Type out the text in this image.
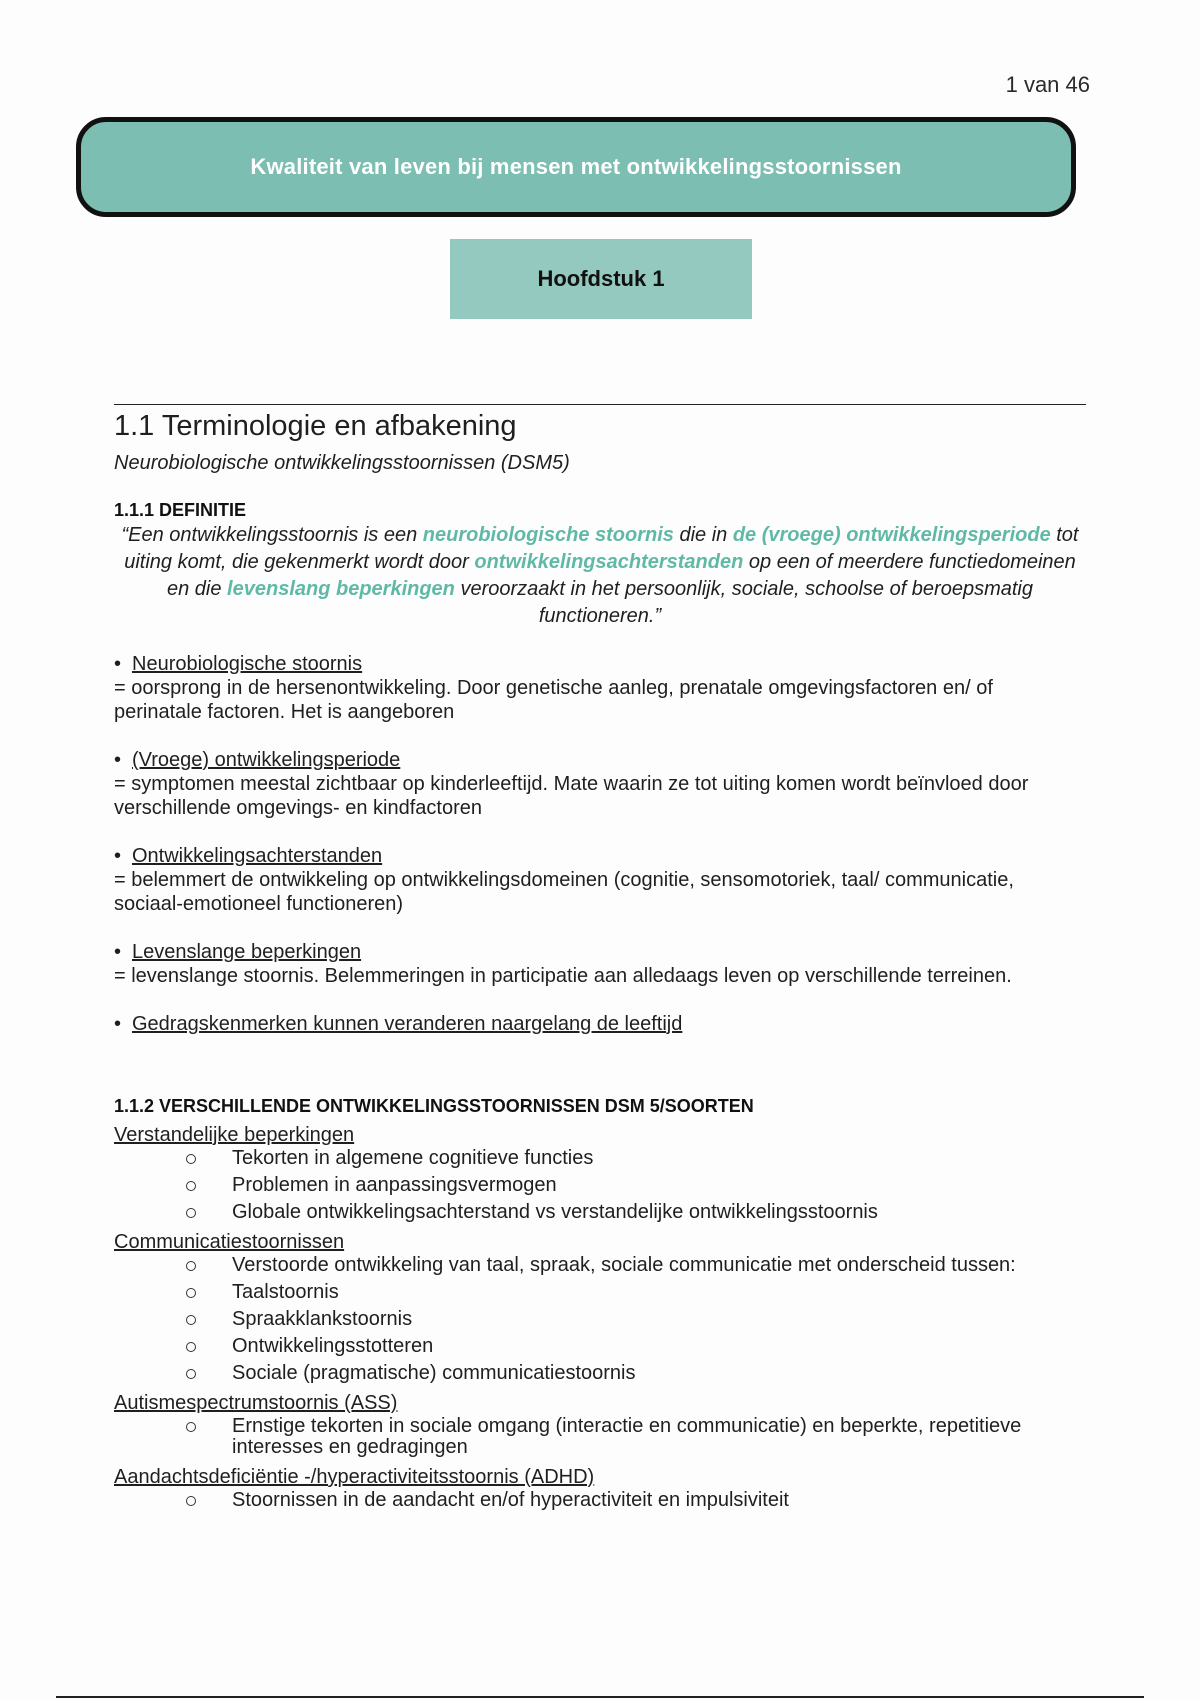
1 van 46
Kwaliteit van leven bij mensen met ontwikkelingsstoornissen
Hoofdstuk 1
1.1 Terminologie en afbakening

Neurobiologische ontwikkelingsstoornissen (DSM5)

1.1.1 DEFINITIE

“Een ontwikkelingsstoornis is een neurobiologische stoornis die in de (vroege) ontwikkelingsperiode tot uiting komt, die gekenmerkt wordt door ontwikkelingsachterstanden op een of meerdere functiedomeinen en die levenslang beperkingen veroorzaakt in het persoonlijk, sociale, schoolse of beroepsmatig functioneren.”

• Neurobiologische stoornis

= oorsprong in de hersenontwikkeling. Door genetische aanleg, prenatale omgevingsfactoren en/ of perinatale factoren. Het is aangeboren

• (Vroege) ontwikkelingsperiode

= symptomen meestal zichtbaar op kinderleeftijd. Mate waarin ze tot uiting komen wordt beïnvloed door verschillende omgevings- en kindfactoren

• Ontwikkelingsachterstanden

= belemmert de ontwikkeling op ontwikkelingsdomeinen (cognitie, sensomotoriek, taal/ communicatie, sociaal-emotioneel functioneren)

• Levenslange beperkingen

= levenslange stoornis. Belemmeringen in participatie aan alledaags leven op verschillende terreinen.

• Gedragskenmerken kunnen veranderen naargelang de leeftijd

1.1.2 VERSCHILLENDE ONTWIKKELINGSSTOORNISSEN DSM 5/SOORTEN

Verstandelijke beperkingen

Tekorten in algemene cognitieve functies
Problemen in aanpassingsvermogen
Globale ontwikkelingsachterstand vs verstandelijke ontwikkelingsstoornis

Communicatiestoornissen

Verstoorde ontwikkeling van taal, spraak, sociale communicatie met onderscheid tussen:
Taalstoornis
Spraakklankstoornis
Ontwikkelingsstotteren
Sociale (pragmatische) communicatiestoornis

Autismespectrumstoornis (ASS)

Ernstige tekorten in sociale omgang (interactie en communicatie) en beperkte, repetitieve interesses en gedragingen

Aandachtsdeficiëntie -/hyperactiviteitsstoornis (ADHD)

Stoornissen in de aandacht en/of hyperactiviteit en impulsiviteit
